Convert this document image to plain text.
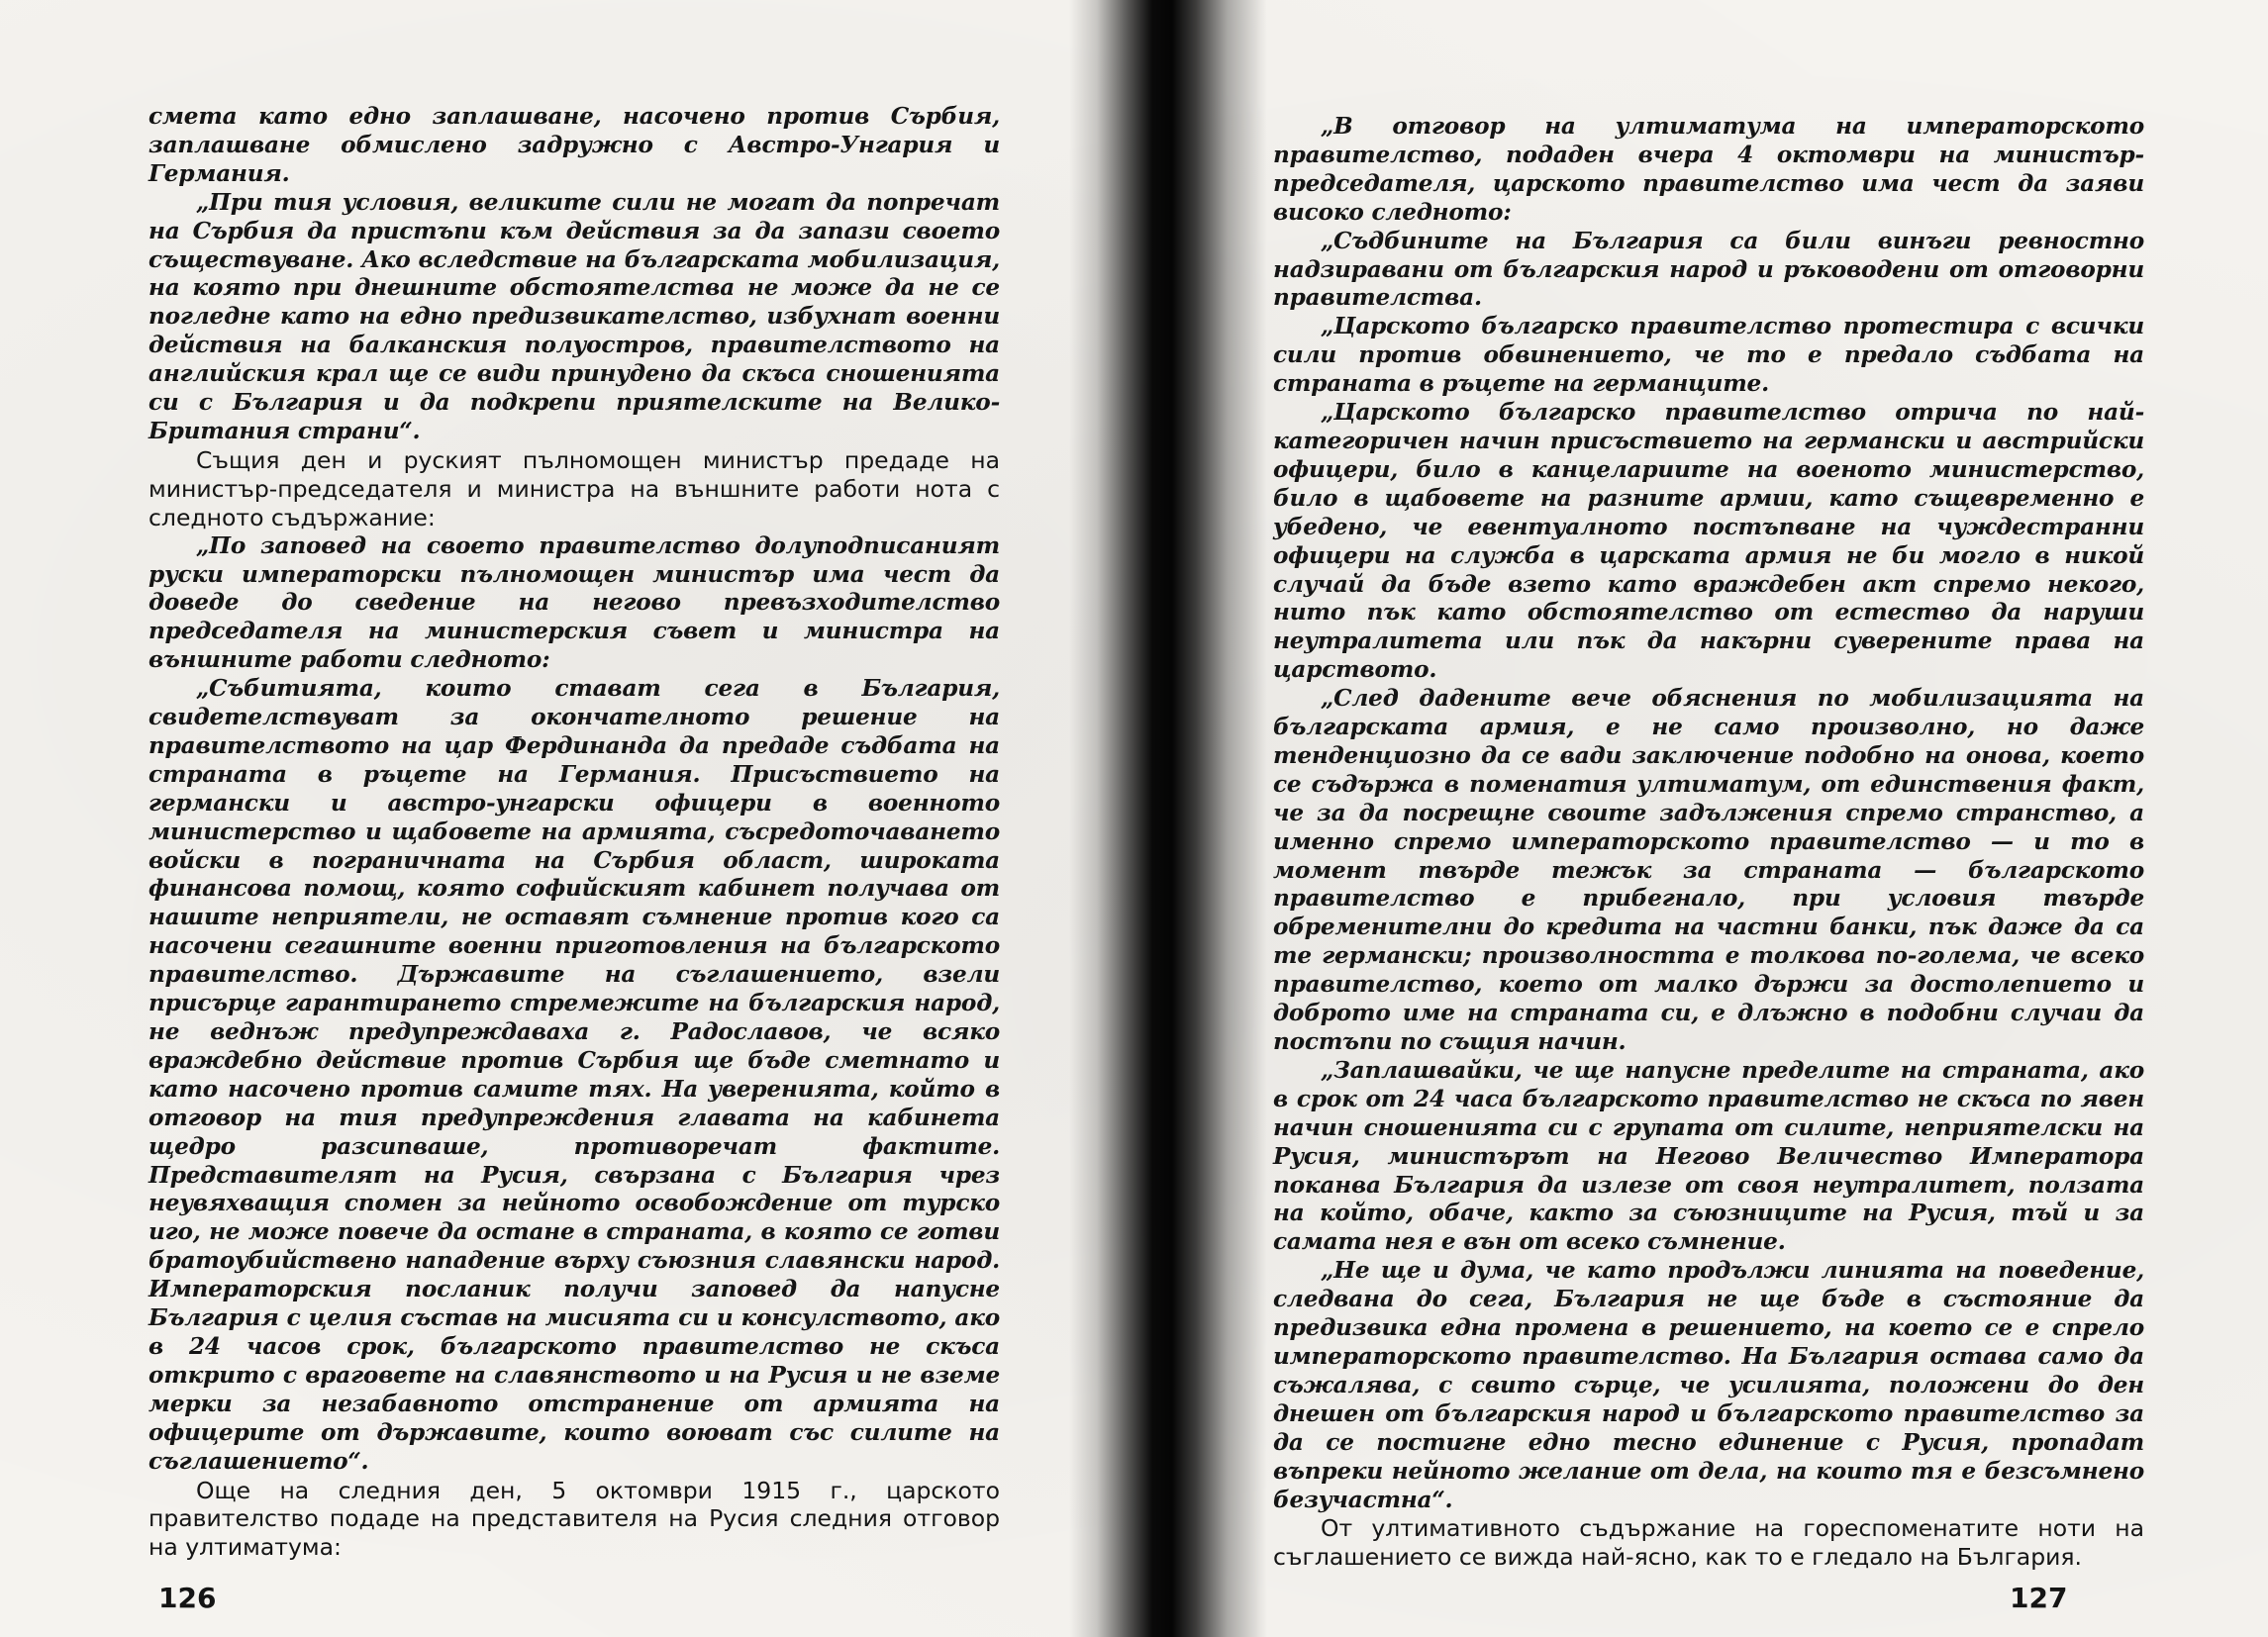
смета като едно заплашване, насочено против Сърбия, заплашване обмислено задружно с Австро-Унгария и Германия.

„При тия условия, великите сили не могат да попречат на Сърбия да пристъпи към действия за да запази своето съществуване. Ако вследствие на българската мобилизация, на която при днешните обстоятелства не може да не се погледне като на едно предизвикателство, избухнат военни действия на балканския полуостров, правителството на английския крал ще се види принудено да скъса сношенията си с България и да подкрепи приятелските на Велико-Британия страни“.

Същия ден и руският пълномощен министър предаде на министър-председателя и министра на външните работи нота с следното съдържание:

„По заповед на своето правителство долуподписаният руски императорски пълномощен министър има чест да доведе до сведение на негово превъзходителство председателя на министерския съвет и министра на външните работи следното:

„Събитията, които стават сега в България, свидетелствуват за окончателното решение на правителството на цар Фердинанда да предаде съдбата на страната в ръцете на Германия. Присъствието на германски и австро-унгарски офицери в военното министерство и щабовете на армията, съсредоточаването войски в пограничната на Сърбия област, широката финансова помощ, която софийският кабинет получава от нашите неприятели, не оставят съмнение против кого са насочени сегашните военни приготовления на българското правителство. Държавите на съглашението, взели присърце гарантирането стремежите на българския народ, не веднъж предупреждаваха г. Радославов, че всяко враждебно действие против Сърбия ще бъде сметнато и като насочено против самите тях. На уверенията, който в отговор на тия предупреждения главата на кабинета щедро разсипваше, противоречат фактите. Представителят на Русия, свързана с България чрез неувяхващия спомен за нейното освобождение от турско иго, не може повече да остане в страната, в която се готви братоубийствено нападение върху съюзния славянски народ. Императорския посланик получи заповед да напусне България с целия състав на мисията си и консулството, ако в 24 часов срок, българското правителство не скъса открито с враговете на славянството и на Русия и не вземе мерки за незабавното отстранение от армията на офицерите от държавите, които воюват със силите на съглашението“.

Още на следния ден, 5 октомври 1915 г., царското правителство подаде на представителя на Русия следния отговор на ултиматума:

126

„В отговор на ултиматума на императорското правителство, подаден вчера 4 октомври на министър-председателя, царското правителство има чест да заяви високо следното:

„Съдбините на България са били винъги ревностно надзиравани от българския народ и ръководени от отговорни правителства.

„Царското българско правителство протестира с всички сили против обвинението, че то е предало съдбата на страната в ръцете на германците.

„Царското българско правителство отрича по най-категоричен начин присъствието на германски и австрийски офицери, било в канцелариите на военото министерство, било в щабовете на разните армии, като същевременно е убедено, че евентуалното постъпване на чуждестранни офицери на служба в царската армия не би могло в никой случай да бъде взето като враждебен акт спремо некого, нито пък като обстоятелство от естество да наруши неутралитета или пък да накърни суверените права на царството.

„След дадените вече обяснения по мобилизацията на българската армия, е не само произволно, но даже тенденциозно да се вади заключение подобно на онова, което се съдържа в поменатия ултиматум, от единствения факт, че за да посрещне своите задължения спремо странство, а именно спремо императорското правителство — и то в момент твърде тежък за страната — българското правителство е прибегнало, при условия твърде обременителни до кредита на частни банки, пък даже да са те германски; произволността е толкова по-голема, че всеко правителство, което от малко държи за достолепието и доброто име на страната си, е длъжно в подобни случаи да постъпи по същия начин.

„Заплашвайки, че ще напусне пределите на страната, ако в срок от 24 часа българското правителство не скъса по явен начин сношенията си с групата от силите, неприятелски на Русия, министърът на Негово Величество Императора поканва България да излезе от своя неутралитет, ползата на който, обаче, както за съюзниците на Русия, тъй и за самата нея е вън от всеко съмнение.

„Не ще и дума, че като продължи линията на поведение, следвана до сега, България не ще бъде в състояние да предизвика една промена в решението, на което се е спрело императорското правителство. На България остава само да съжалява, с свито сърце, че усилията, положени до ден днешен от българския народ и българското правителство за да се постигне едно тесно единение с Русия, пропадат въпреки нейното желание от дела, на които тя е безсъмнено безучастна“.

От ултимативното съдържание на гореспоменатите ноти на съглашението се вижда най-ясно, как то е гледало на България.

127
